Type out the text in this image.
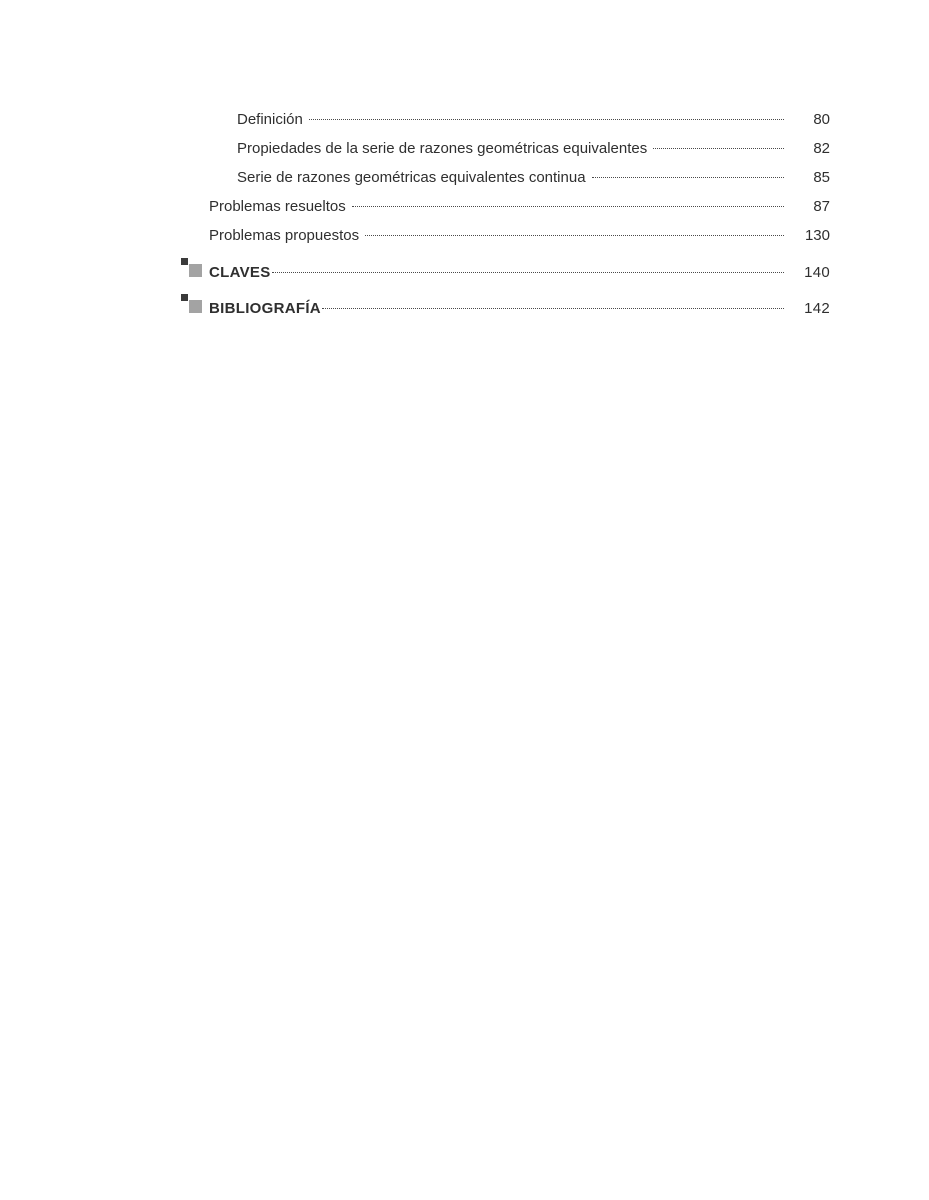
Definición	80
Propiedades de la serie de razones geométricas equivalentes	82
Serie de razones geométricas equivalentes continua	85
Problemas resueltos	87
Problemas propuestos	130
CLAVES	140
BIBLIOGRAFÍA	142
